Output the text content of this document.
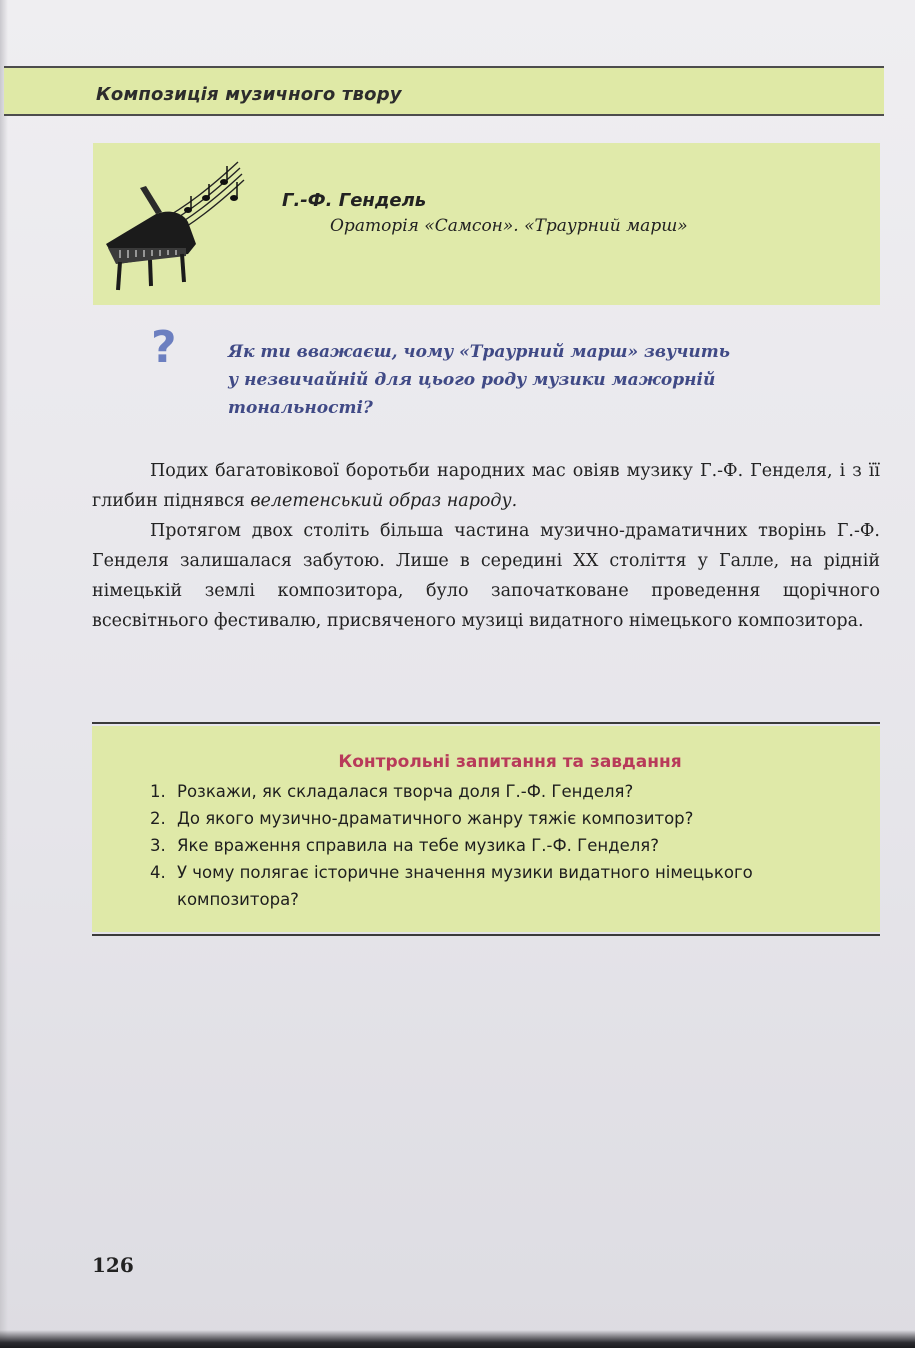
Композиція музичного твору
Г.-Ф. Гендель
Ораторія «Самсон». «Траурний марш»
?	Як ти вважаєш, чому «Траурний марш» звучить
у незвичайній для цього роду музики мажорній
тональності?

Подих багатовікової боротьби народних мас овіяв музику Г.-Ф. Генделя, і з її глибин піднявся велетенський образ народу.

Протягом двох століть більша частина музично-драматичних творінь Г.-Ф. Генделя залишалася забутою. Лише в середині XX століття у Галле, на рідній німецькій землі композитора, було започатковане проведення щорічного всесвітнього фестивалю, присвяченого музиці видатного німецького композитора.

Контрольні запитання та завдання
1. Розкажи, як складалася творча доля Г.-Ф. Генделя?
2. До якого музично-драматичного жанру тяжіє композитор?
3. Яке враження справила на тебе музика Г.-Ф. Генделя?
4. У чому полягає історичне значення музики видатного німецького композитора?
126
